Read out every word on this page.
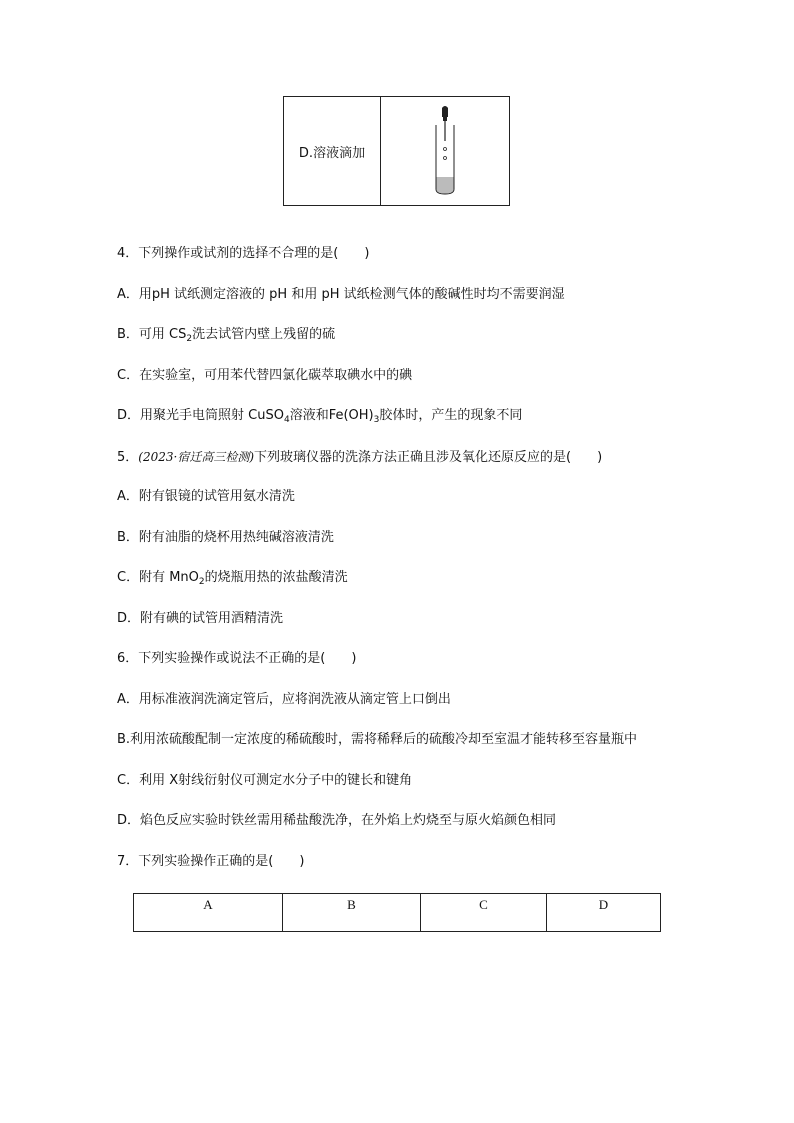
D.溶液滴加
4．下列操作或试剂的选择不合理的是(　　)
A．用pH 试纸测定溶液的 pH 和用 pH 试纸检测气体的酸碱性时均不需要润湿
B．可用 $CS_2$洗去试管内壁上残留的硫
C．在实验室，可用苯代替四氯化碳萃取碘水中的碘
D．用聚光手电筒照射 CuSO$_4$溶液和$Fe(OH)_3$胶体时，产生的现象不同
5．(2023·宿迁高三检测)下列玻璃仪器的洗涤方法正确且涉及氧化还原反应的是(　　)
A．附有银镜的试管用氨水清洗
B．附有油脂的烧杯用热纯碱溶液清洗
C．附有 MnO$_2$的烧瓶用热的浓盐酸清洗
D．附有碘的试管用酒精清洗
6．下列实验操作或说法不正确的是(　　)
A．用标准液润洗滴定管后，应将润洗液从滴定管上口倒出
B.利用浓硫酸配制一定浓度的稀硫酸时，需将稀释后的硫酸冷却至室温才能转移至容量瓶中
C．利用 X射线衍射仪可测定水分子中的键长和键角
D．焰色反应实验时铁丝需用稀盐酸洗净，在外焰上灼烧至与原火焰颜色相同
7．下列实验操作正确的是(　　)
A	B	C	D
